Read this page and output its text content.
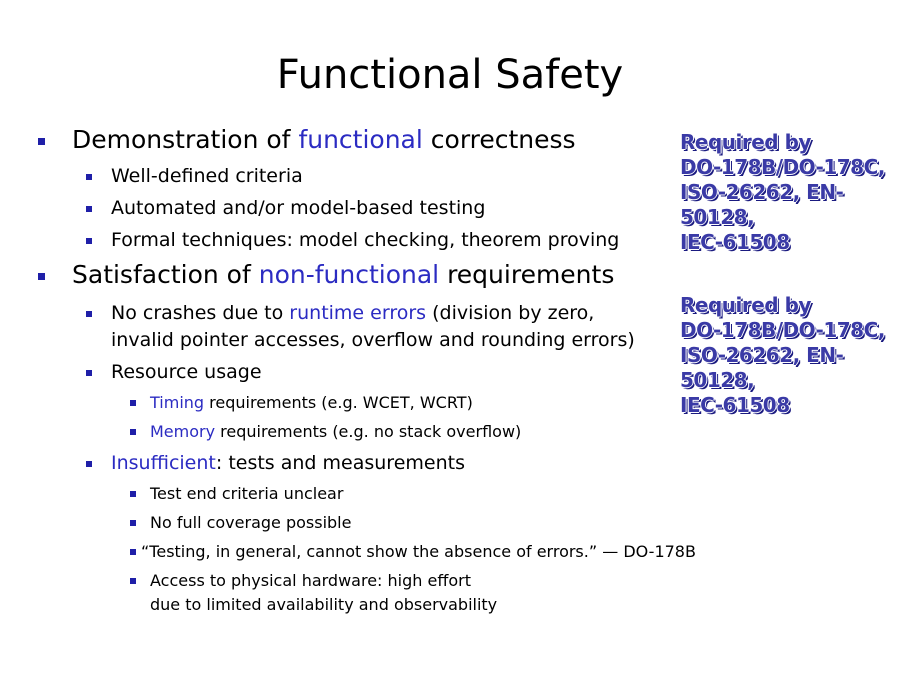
Functional Safety
Demonstration of functional correctness
Well-defined criteria
Automated and/or model-based testing
Formal techniques: model checking, theorem proving
Satisfaction of non-functional requirements
No crashes due to runtime errors (division by zero,
invalid pointer accesses, overflow and rounding errors)
Resource usage
Timing requirements (e.g. WCET, WCRT)
Memory requirements (e.g. no stack overflow)
Insufficient: tests and measurements
Test end criteria unclear
No full coverage possible
“Testing, in general, cannot show the absence of errors.” — DO-178B
Access to physical hardware: high effort
due to limited availability and observability
Required by
DO-178B/DO-178C,
ISO-26262, EN-50128,
IEC-61508
Required by
DO-178B/DO-178C,
ISO-26262, EN-50128,
IEC-61508
